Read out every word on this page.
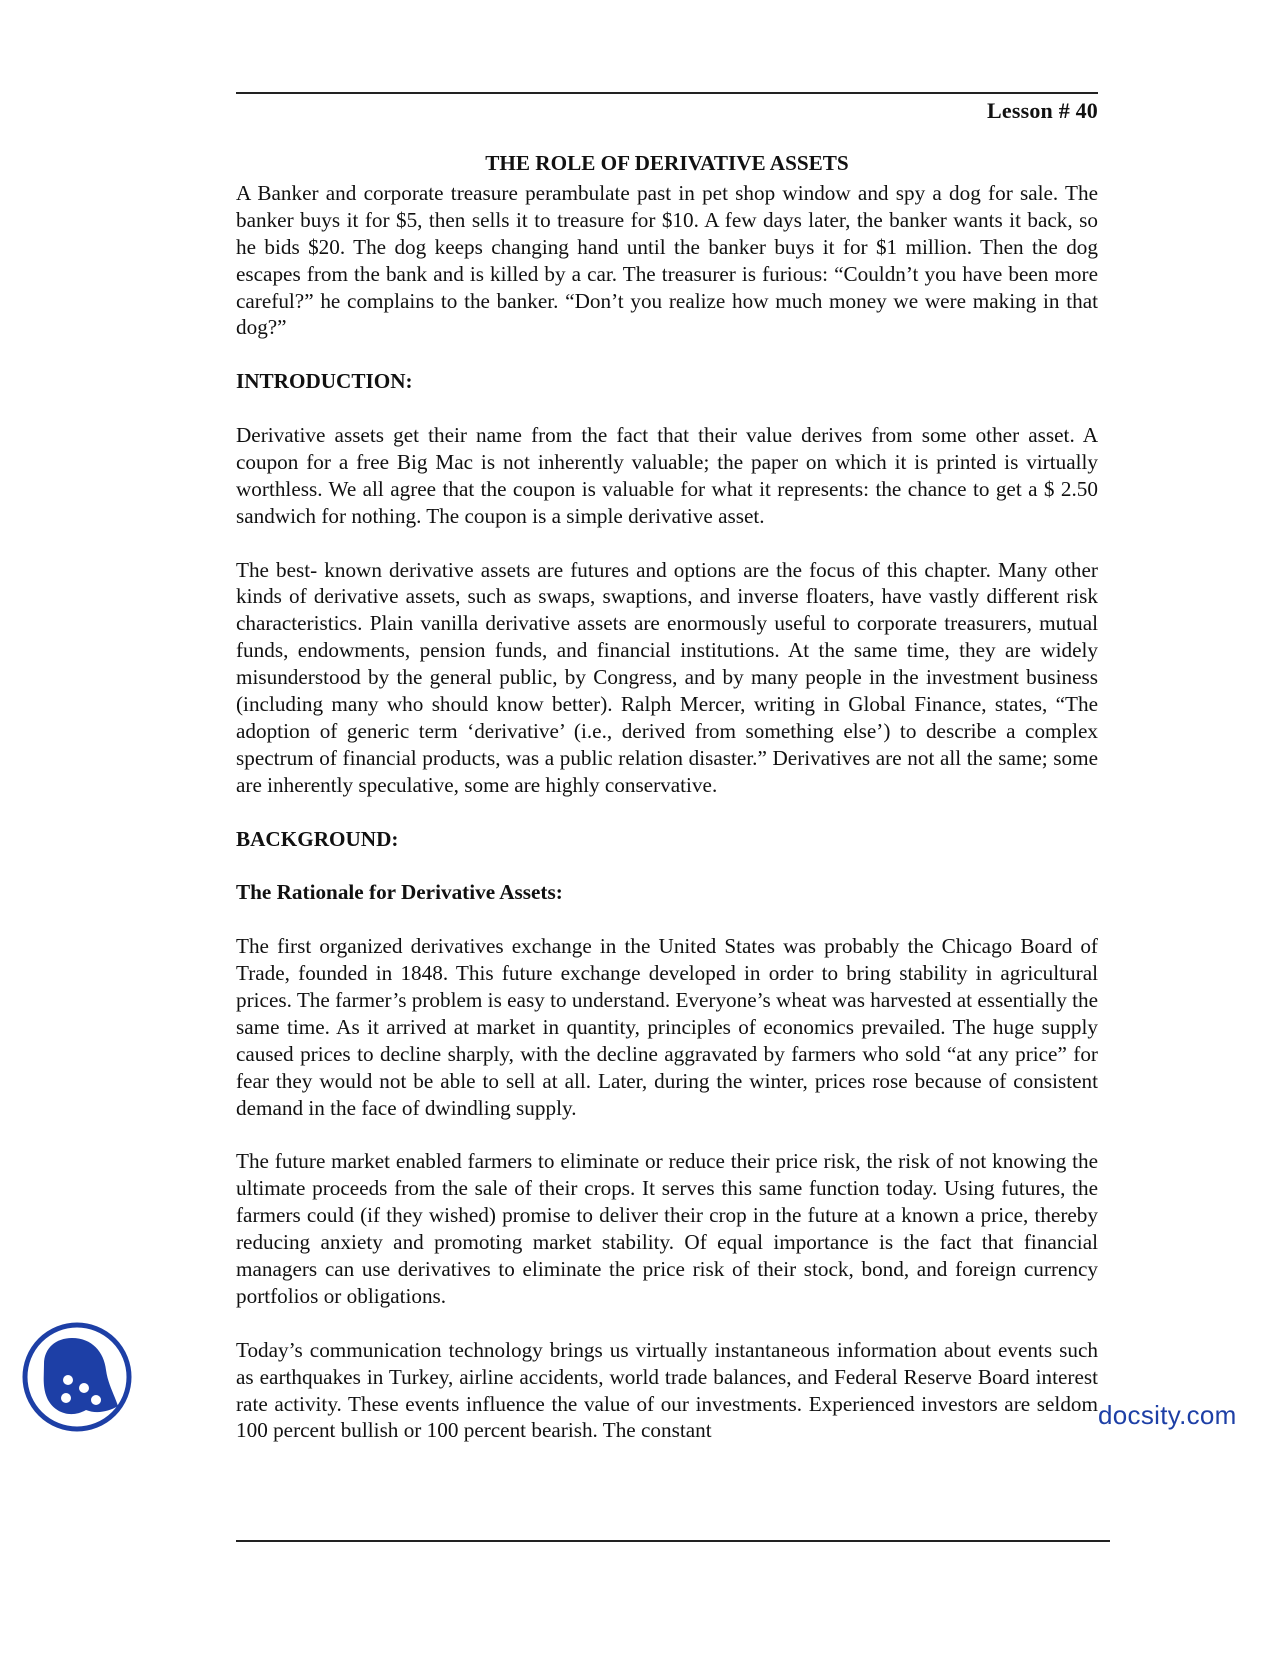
Lesson # 40
THE ROLE OF DERIVATIVE ASSETS

A Banker and corporate treasure perambulate past in pet shop window and spy a dog for sale. The banker buys it for $5, then sells it to treasure for $10. A few days later, the banker wants it back, so he bids $20. The dog keeps changing hand until the banker buys it for $1 million. Then the dog escapes from the bank and is killed by a car. The treasurer is furious: “Couldn’t you have been more careful?” he complains to the banker. “Don’t you realize how much money we were making in that dog?”

INTRODUCTION:

Derivative assets get their name from the fact that their value derives from some other asset. A coupon for a free Big Mac is not inherently valuable; the paper on which it is printed is virtually worthless. We all agree that the coupon is valuable for what it represents: the chance to get a $ 2.50 sandwich for nothing. The coupon is a simple derivative asset.

The best- known derivative assets are futures and options are the focus of this chapter. Many other kinds of derivative assets, such as swaps, swaptions, and inverse floaters, have vastly different risk characteristics. Plain vanilla derivative assets are enormously useful to corporate treasurers, mutual funds, endowments, pension funds, and financial institutions. At the same time, they are widely misunderstood by the general public, by Congress, and by many people in the investment business (including many who should know better). Ralph Mercer, writing in Global Finance, states, “The adoption of generic term ‘derivative’ (i.e., derived from something else’) to describe a complex spectrum of financial products, was a public relation disaster.” Derivatives are not all the same; some are inherently speculative, some are highly conservative.

BACKGROUND:
The Rationale for Derivative Assets:

The first organized derivatives exchange in the United States was probably the Chicago Board of Trade, founded in 1848. This future exchange developed in order to bring stability in agricultural prices. The farmer’s problem is easy to understand. Everyone’s wheat was harvested at essentially the same time. As it arrived at market in quantity, principles of economics prevailed. The huge supply caused prices to decline sharply, with the decline aggravated by farmers who sold “at any price” for fear they would not be able to sell at all. Later, during the winter, prices rose because of consistent demand in the face of dwindling supply.

The future market enabled farmers to eliminate or reduce their price risk, the risk of not knowing the ultimate proceeds from the sale of their crops. It serves this same function today. Using futures, the farmers could (if they wished) promise to deliver their crop in the future at a known a price, thereby reducing anxiety and promoting market stability. Of equal importance is the fact that financial managers can use derivatives to eliminate the price risk of their stock, bond, and foreign currency portfolios or obligations.

Today’s communication technology brings us virtually instantaneous information about events such as earthquakes in Turkey, airline accidents, world trade balances, and Federal Reserve Board interest rate activity. These events influence the value of our investments. Experienced investors are seldom 100 percent bullish or 100 percent bearish. The constant

docsity.com
